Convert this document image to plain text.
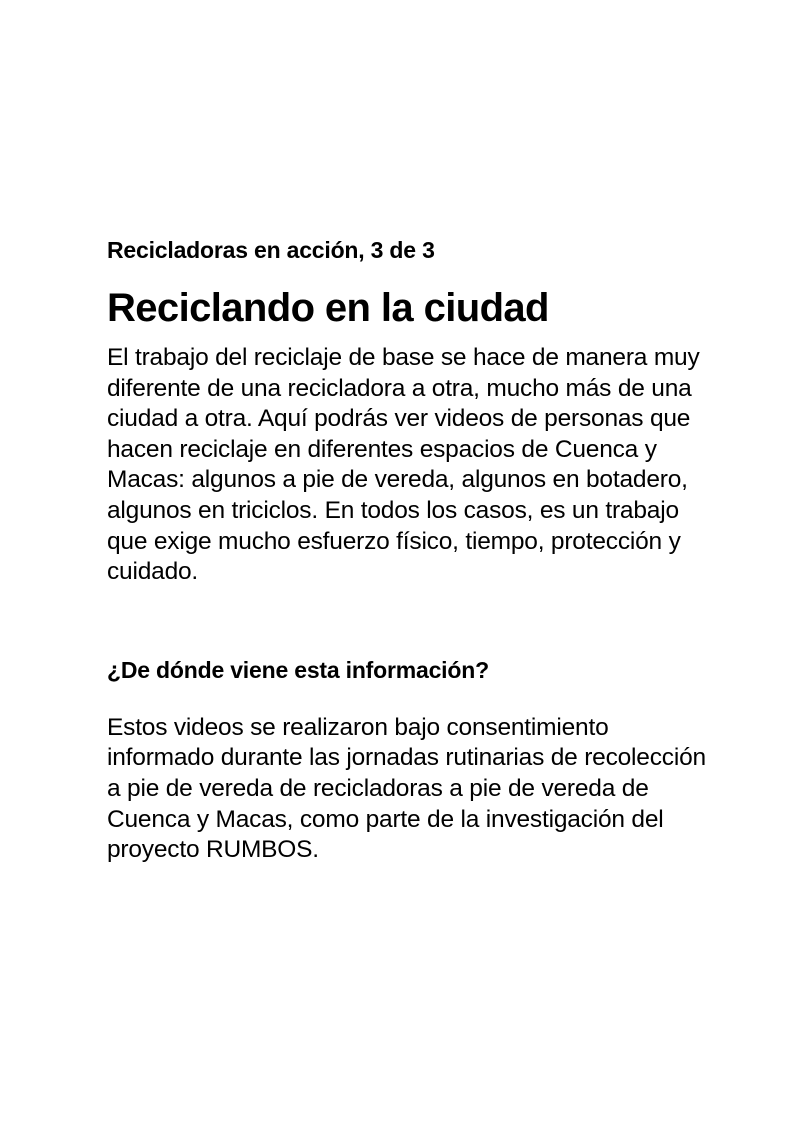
Recicladoras en acción, 3 de 3

Reciclando en la ciudad

El trabajo del reciclaje de base se hace de manera muy diferente de una recicladora a otra, mucho más de una ciudad a otra. Aquí podrás ver videos de personas que hacen reciclaje en diferentes espacios de Cuenca y Macas: algunos a pie de vereda, algunos en botadero, algunos en triciclos. En todos los casos, es un trabajo que exige mucho esfuerzo físico, tiempo, protección y cuidado.

¿De dónde viene esta información?

Estos videos se realizaron bajo consentimiento informado durante las jornadas rutinarias de recolección a pie de vereda de recicladoras a pie de vereda de Cuenca y Macas, como parte de la investigación del proyecto RUMBOS.
